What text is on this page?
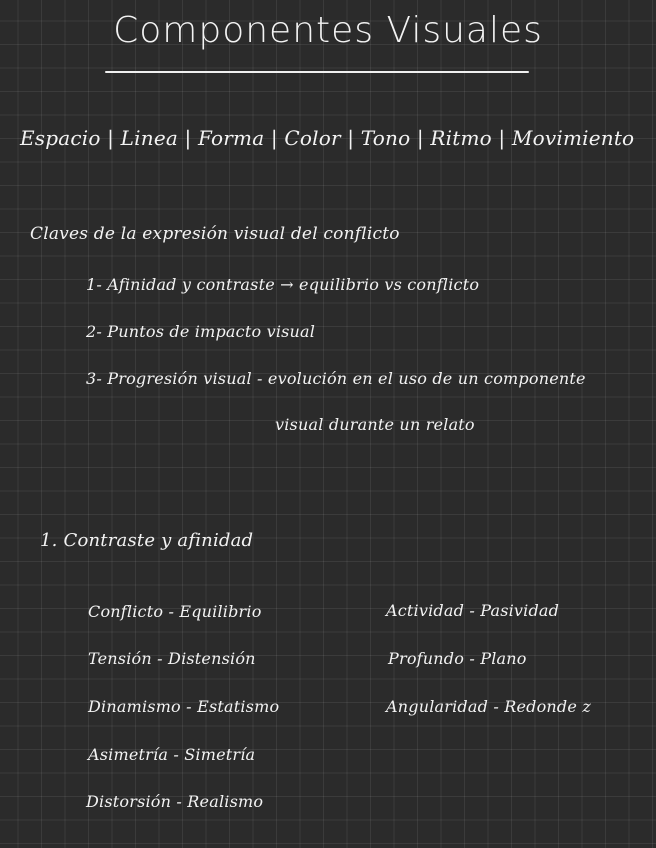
Componentes Visuales
Espacio | Linea | Forma | Color | Tono | Ritmo | Movimiento
Claves de la expresión visual del conflicto
1- Afinidad y contraste → equilibrio vs conflicto
2- Puntos de impacto visual
3- Progresión visual - evolución en el uso de un componente
visual durante un relato
1. Contraste y afinidad
Conflicto - Equilibrio
Tensión - Distensión
Dinamismo - Estatismo
Asimetría - Simetría
Distorsión - Realismo
Actividad - Pasividad
Profundo - Plano
Angularidad - Redonde z
